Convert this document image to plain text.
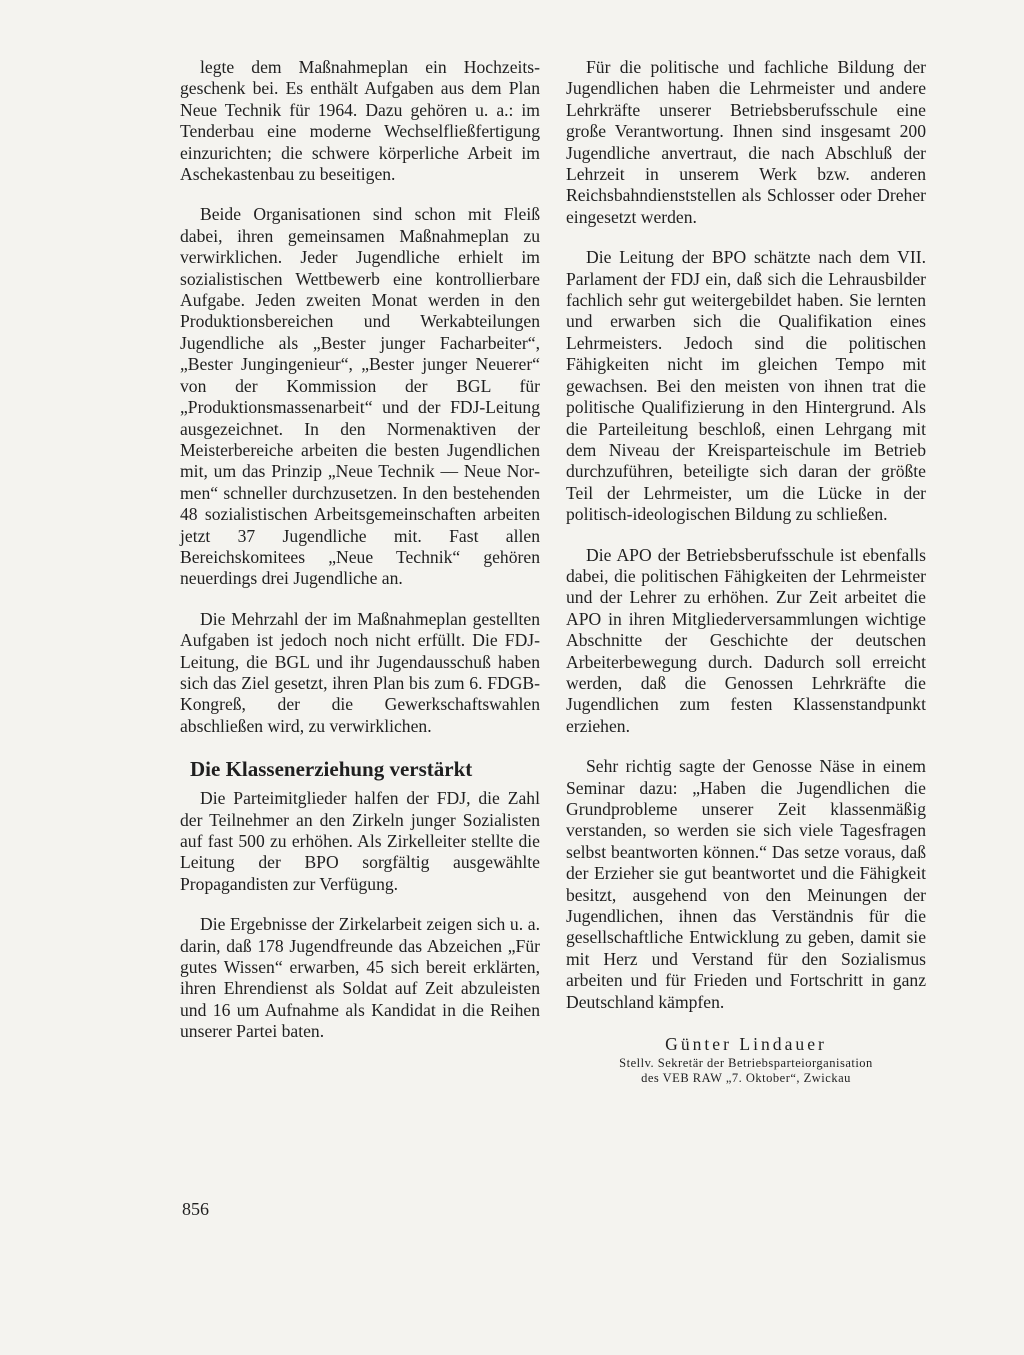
legte dem Maßnahmeplan ein Hochzeitsgeschenk bei. Es enthält Aufgaben aus dem Plan Neue Technik für 1964. Dazu gehören u. a.: im Tenderbau eine moderne Wechselfließfertigung einzurichten; die schwere körperliche Arbeit im Aschekastenbau zu beseitigen.

Beide Organisationen sind schon mit Fleiß dabei, ihren gemeinsamen Maßnahmeplan zu verwirklichen. Jeder Jugendliche erhielt im sozialistischen Wettbewerb eine kontrollierbare Aufgabe. Jeden zweiten Monat werden in den Produktionsbereichen und Werkabteilungen Jugendliche als „Bester junger Facharbeiter“, „Bester Jungingenieur“, „Bester junger Neuerer“ von der Kommission der BGL für „Produktionsmassenarbeit“ und der FDJ-Leitung ausgezeichnet. In den Normenaktiven der Meisterbereiche arbeiten die besten Jugendlichen mit, um das Prinzip „Neue Technik — Neue Normen“ schneller durchzusetzen. In den bestehenden 48 sozialistischen Arbeitsgemeinschaften arbeiten jetzt 37 Jugendliche mit. Fast allen Bereichskomitees „Neue Technik“ gehören neuerdings drei Jugendliche an.

Die Mehrzahl der im Maßnahmeplan gestellten Aufgaben ist jedoch noch nicht erfüllt. Die FDJ-Leitung, die BGL und ihr Jugendausschuß haben sich das Ziel gesetzt, ihren Plan bis zum 6. FDGB-Kongreß, der die Gewerkschaftswahlen abschließen wird, zu verwirklichen.

Die Klassenerziehung verstärkt

Die Parteimitglieder halfen der FDJ, die Zahl der Teilnehmer an den Zirkeln junger Sozialisten auf fast 500 zu erhöhen. Als Zirkelleiter stellte die Leitung der BPO sorgfältig ausgewählte Propagandisten zur Verfügung.

Die Ergebnisse der Zirkelarbeit zeigen sich u. a. darin, daß 178 Jugendfreunde das Abzeichen „Für gutes Wissen“ erwarben, 45 sich bereit erklärten, ihren Ehrendienst als Soldat auf Zeit abzuleisten und 16 um Aufnahme als Kandidat in die Reihen unserer Partei baten.

Für die politische und fachliche Bildung der Jugendlichen haben die Lehrmeister und andere Lehrkräfte unserer Betriebsberufsschule eine große Verantwortung. Ihnen sind insgesamt 200 Jugendliche anvertraut, die nach Abschluß der Lehrzeit in unserem Werk bzw. anderen Reichsbahndienststellen als Schlosser oder Dreher eingesetzt werden.

Die Leitung der BPO schätzte nach dem VII. Parlament der FDJ ein, daß sich die Lehrausbilder fachlich sehr gut weitergebildet haben. Sie lernten und erwarben sich die Qualifikation eines Lehrmeisters. Jedoch sind die politischen Fähigkeiten nicht im gleichen Tempo mit gewachsen. Bei den meisten von ihnen trat die politische Qualifizierung in den Hintergrund. Als die Parteileitung beschloß, einen Lehrgang mit dem Niveau der Kreisparteischule im Betrieb durchzuführen, beteiligte sich daran der größte Teil der Lehrmeister, um die Lücke in der politisch-ideologischen Bildung zu schließen.

Die APO der Betriebsberufsschule ist ebenfalls dabei, die politischen Fähigkeiten der Lehrmeister und der Lehrer zu erhöhen. Zur Zeit arbeitet die APO in ihren Mitgliederversammlungen wichtige Abschnitte der Geschichte der deutschen Arbeiterbewegung durch. Dadurch soll erreicht werden, daß die Genossen Lehrkräfte die Jugendlichen zum festen Klassenstandpunkt erziehen.

Sehr richtig sagte der Genosse Näse in einem Seminar dazu: „Haben die Jugendlichen die Grundprobleme unserer Zeit klassenmäßig verstanden, so werden sie sich viele Tagesfragen selbst beantworten können.“ Das setze voraus, daß der Erzieher sie gut beantwortet und die Fähigkeit besitzt, ausgehend von den Meinungen der Jugendlichen, ihnen das Verständnis für die gesellschaftliche Entwicklung zu geben, damit sie mit Herz und Verstand für den Sozialismus arbeiten und für Frieden und Fortschritt in ganz Deutschland kämpfen.

Günter Lindauer
Stellv. Sekretär der Betriebsparteiorganisation
des VEB RAW „7. Oktober“, Zwickau
856
